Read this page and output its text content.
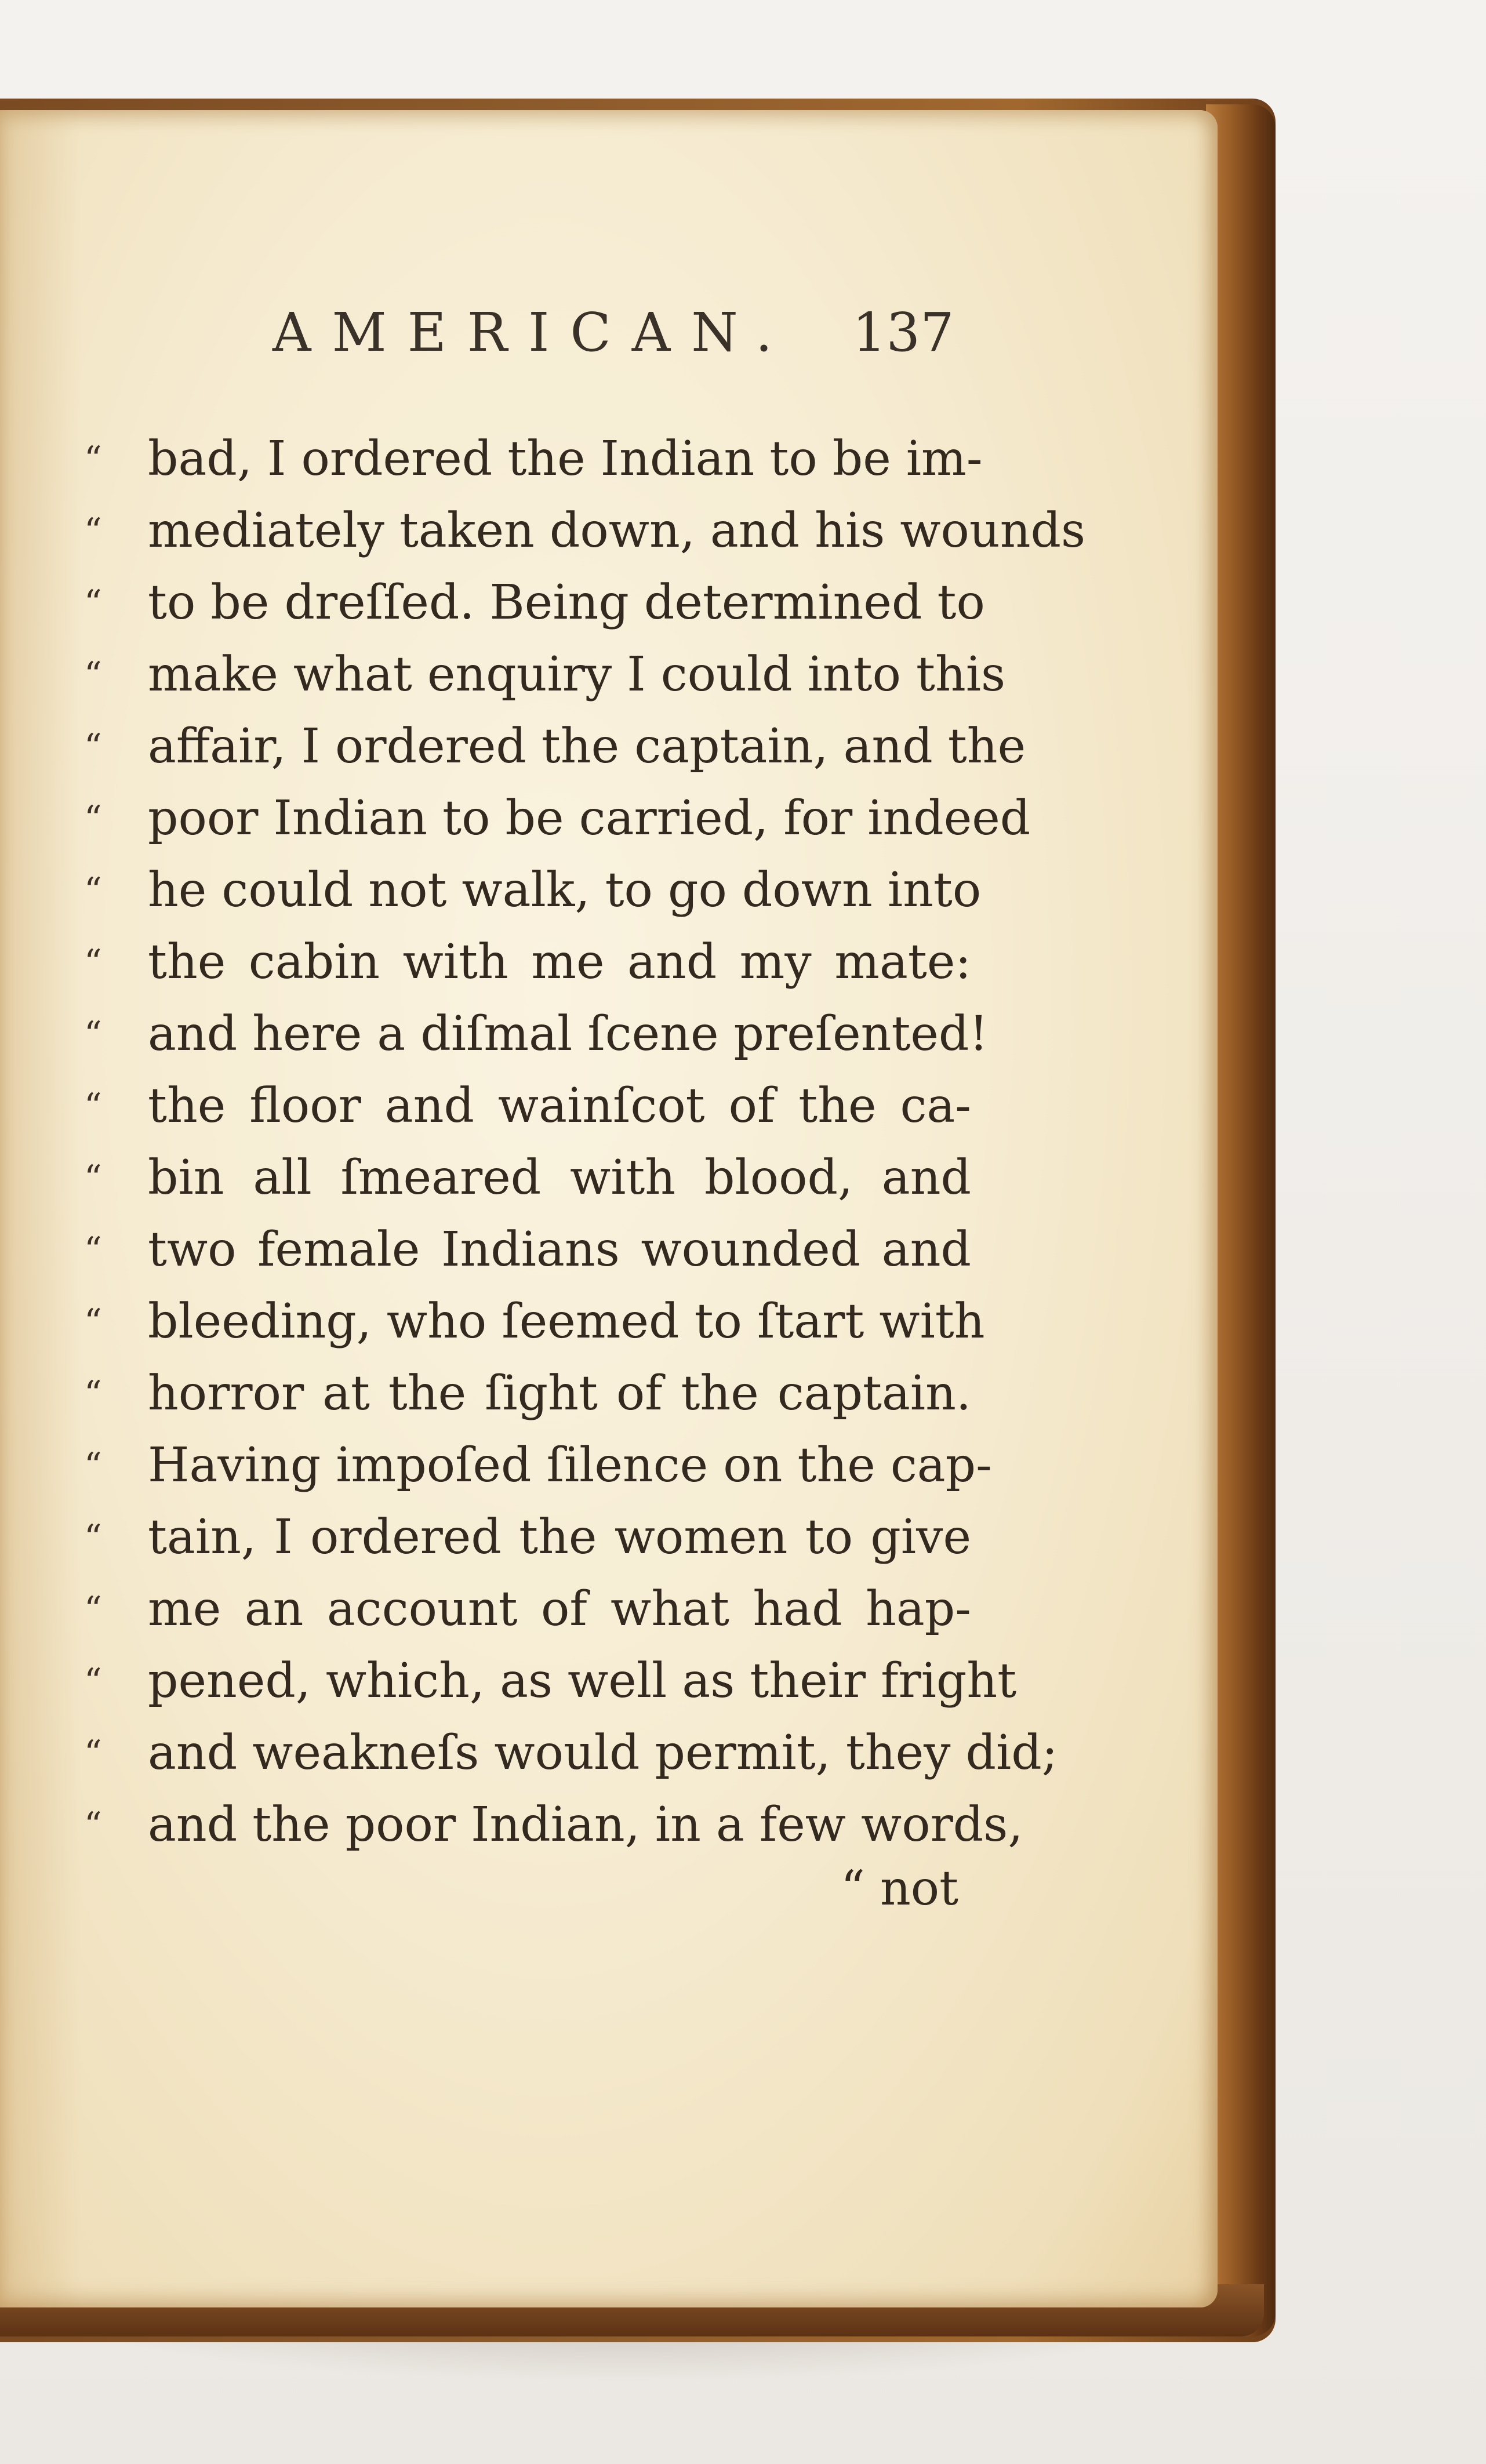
AMERICAN. 137
“ bad, I ordered the Indian to be im-
“ mediately taken down, and his wounds
“ to be dreſſed. Being determined to
“ make what enquiry I could into this
“ affair, I ordered the captain, and the
“ poor Indian to be carried, for indeed
“ he could not walk, to go down into
“ the cabin with me and my mate:
“ and here a diſmal ſcene preſented!
“ the floor and wainſcot of the ca-
“ bin all ſmeared with blood, and
“ two female Indians wounded and
“ bleeding, who ſeemed to ſtart with
“ horror at the ſight of the captain.
“ Having impoſed ſilence on the cap-
“ tain, I ordered the women to give
“ me an account of what had hap-
“ pened, which, as well as their fright
“ and weakneſs would permit, they did;
“ and the poor Indian, in a few words,
“ not
